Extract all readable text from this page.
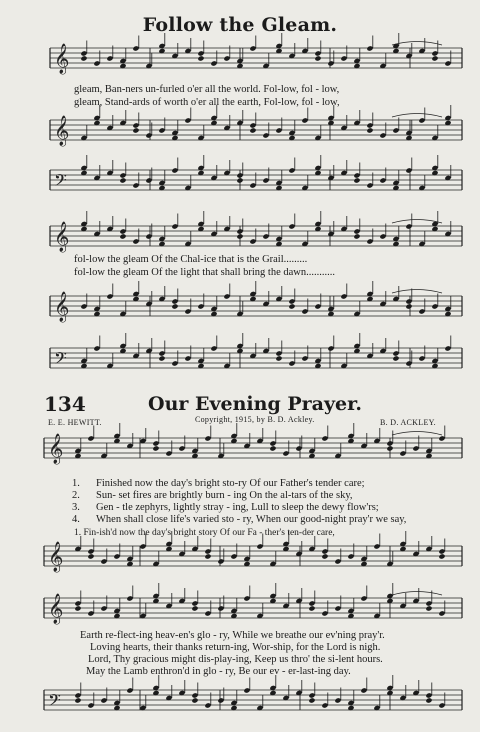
Follow the Gleam.
𝄞
gleam, Ban-ners un-furled o'er all the world. Fol-low, fol - low,
gleam, Stand-ards of worth o'er all the earth, Fol-low, fol - low,
𝄞
𝄢
𝄞
fol-low the gleam Of the Chal-ice that is the Grail.........
fol-low the gleam Of the light that shall bring the dawn...........
𝄞
𝄢
134	Our Evening Prayer.
E. E. HEWITT.	Copyright, 1915, by B. D. Ackley.	B. D. ACKLEY.
𝄞
1. Finished now the day's bright sto-ry Of our Father's tender care;
2. Sun- set fires are brightly burn - ing On the al-tars of the sky,
3. Gen - tle zephyrs, lightly stray - ing, Lull to sleep the dewy flow'rs;
4. When shall close life's varied sto - ry, When our good-night pray'r we say,
1. Fin-ish'd now the day's bright story Of our Fa - ther's ten-der care,
𝄞
𝄞
Earth re-flect-ing heav-en's glo - ry, While we breathe our ev'ning pray'r.
Loving hearts, their thanks return-ing, Wor-ship, for the Lord is nigh.
Lord, Thy gracious might dis-play-ing, Keep us thro' the si-lent hours.
May the Lamb enthron'd in glo - ry, Be our ev - er-last-ing day.
𝄢
